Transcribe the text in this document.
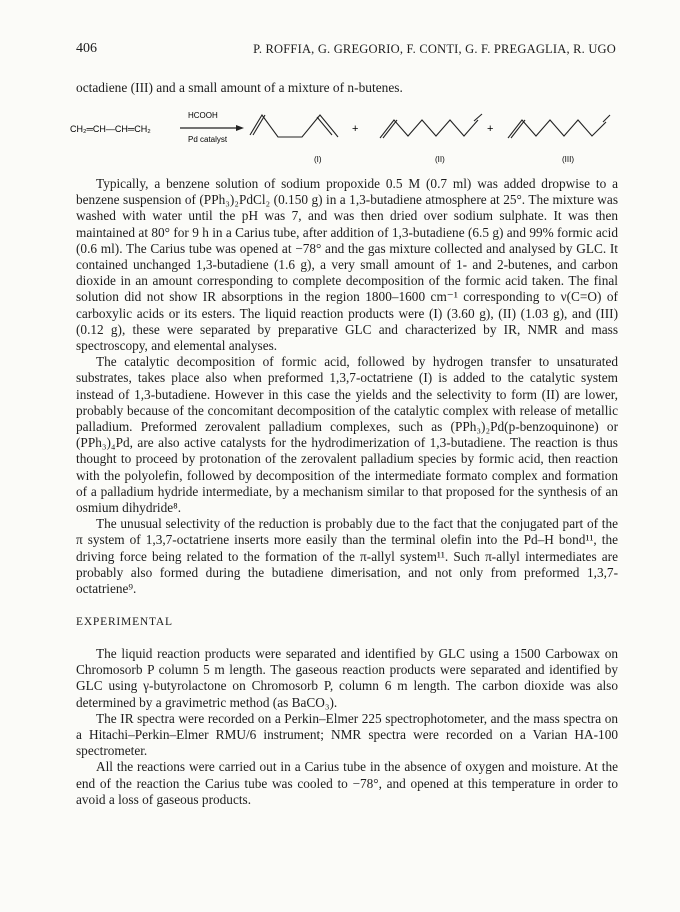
406	P. ROFFIA, G. GREGORIO, F. CONTI, G. F. PREGAGLIA, R. UGO
octadiene (III) and a small amount of a mixture of n-butenes.
CH₂═CH—CH═CH₂
HCOOH
Pd catalyst
+	+
(I)	(II)	(III)

Typically, a benzene solution of sodium propoxide 0.5 M (0.7 ml) was added dropwise to a benzene suspension of (PPh₃)₂PdCl₂ (0.150 g) in a 1,3-butadiene atmosphere at 25°. The mixture was washed with water until the pH was 7, and was then dried over sodium sulphate. It was then maintained at 80° for 9 h in a Carius tube, after addition of 1,3-butadiene (6.5 g) and 99% formic acid (0.6 ml). The Carius tube was opened at −78° and the gas mixture collected and analysed by GLC. It contained unchanged 1,3-butadiene (1.6 g), a very small amount of 1- and 2-butenes, and carbon dioxide in an amount corresponding to complete decomposition of the formic acid taken. The final solution did not show IR absorptions in the region 1800–1600 cm⁻¹ corresponding to ν(C=O) of carboxylic acids or its esters. The liquid reaction products were (I) (3.60 g), (II) (1.03 g), and (III) (0.12 g), these were separated by preparative GLC and characterized by IR, NMR and mass spectroscopy, and elemental analyses.

The catalytic decomposition of formic acid, followed by hydrogen transfer to unsaturated substrates, takes place also when preformed 1,3,7-octatriene (I) is added to the catalytic system instead of 1,3-butadiene. However in this case the yields and the selectivity to form (II) are lower, probably because of the concomitant decomposition of the catalytic complex with release of metallic palladium. Preformed zerovalent palladium complexes, such as (PPh₃)₂Pd(p-benzoquinone) or (PPh₃)₄Pd, are also active catalysts for the hydrodimerization of 1,3-butadiene. The reaction is thus thought to proceed by protonation of the zerovalent palladium species by formic acid, then reaction with the polyolefin, followed by decomposition of the intermediate formato complex and formation of a palladium hydride intermediate, by a mechanism similar to that proposed for the synthesis of an osmium dihydride⁸.

The unusual selectivity of the reduction is probably due to the fact that the conjugated part of the π system of 1,3,7-octatriene inserts more easily than the terminal olefin into the Pd–H bond¹¹, the driving force being related to the formation of the π-allyl system¹¹. Such π-allyl intermediates are probably also formed during the butadiene dimerisation, and not only from preformed 1,3,7-octatriene⁹.

EXPERIMENTAL

The liquid reaction products were separated and identified by GLC using a 1500 Carbowax on Chromosorb P column 5 m length. The gaseous reaction products were separated and identified by GLC using γ-butyrolactone on Chromosorb P, column 6 m length. The carbon dioxide was also determined by a gravimetric method (as BaCO₃).

The IR spectra were recorded on a Perkin–Elmer 225 spectrophotometer, and the mass spectra on a Hitachi–Perkin–Elmer RMU/6 instrument; NMR spectra were recorded on a Varian HA-100 spectrometer.

All the reactions were carried out in a Carius tube in the absence of oxygen and moisture. At the end of the reaction the Carius tube was cooled to −78°, and opened at this temperature in order to avoid a loss of gaseous products.
